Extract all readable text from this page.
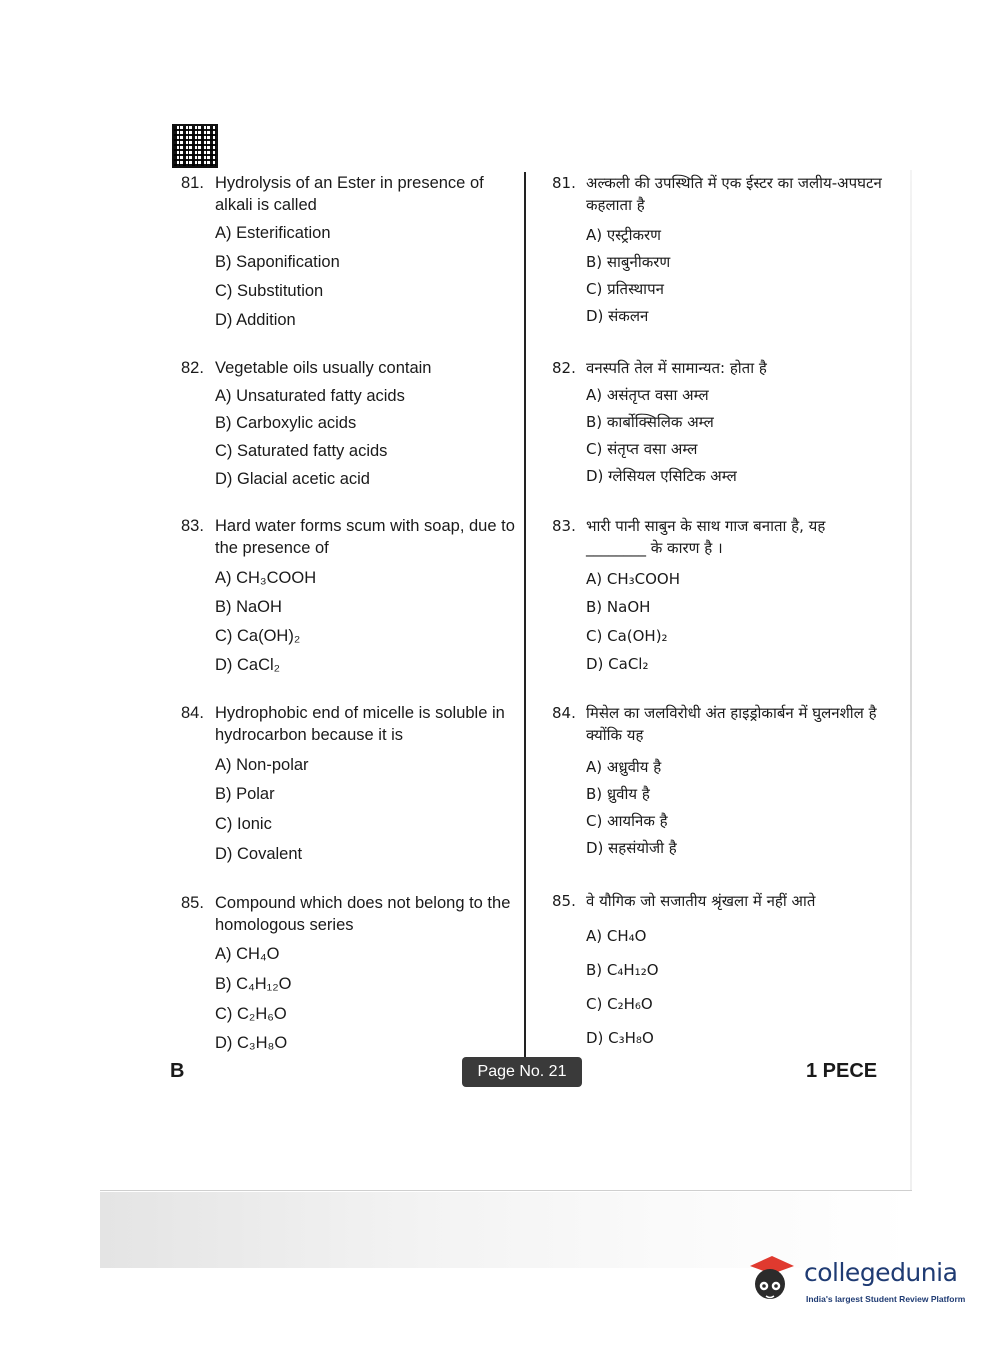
81. Hydrolysis of an Ester in presence of alkali is called
A) Esterification
B) Saponification
C) Substitution
D) Addition
82. Vegetable oils usually contain
A) Unsaturated fatty acids
B) Carboxylic acids
C) Saturated fatty acids
D) Glacial acetic acid
83. Hard water forms scum with soap, due to the presence of
A) CH₃COOH
B) NaOH
C) Ca(OH)₂
D) CaCl₂
84. Hydrophobic end of micelle is soluble in hydrocarbon because it is
A) Non-polar
B) Polar
C) Ionic
D) Covalent
85. Compound which does not belong to the homologous series
A) CH₄O
B) C₄H₁₂O
C) C₂H₆O
D) C₃H₈O
81. अल्कली की उपस्थिति में एक ईस्टर का जलीय-अपघटन कहलाता है
A) एस्ट्रीकरण
B) साबुनीकरण
C) प्रतिस्थापन
D) संकलन
82. वनस्पति तेल में सामान्यत: होता है
A) असंतृप्त वसा अम्ल
B) कार्बोक्सिलिक अम्ल
C) संतृप्त वसा अम्ल
D) ग्लेसियल एसिटिक अम्ल
83. भारी पानी साबुन के साथ गाज बनाता है, यह ________ के कारण है ।
A) CH₃COOH
B) NaOH
C) Ca(OH)₂
D) CaCl₂
84. मिसेल का जलविरोधी अंत हाइड्रोकार्बन में घुलनशील है क्योंकि यह
A) अध्रुवीय है
B) ध्रुवीय है
C) आयनिक है
D) सहसंयोजी है
85. वे यौगिक जो सजातीय श्रृंखला में नहीं आते
A) CH₄O
B) C₄H₁₂O
C) C₂H₆O
D) C₃H₈O
B	Page No. 21	1 PECE
collegedunia
India's largest Student Review Platform
